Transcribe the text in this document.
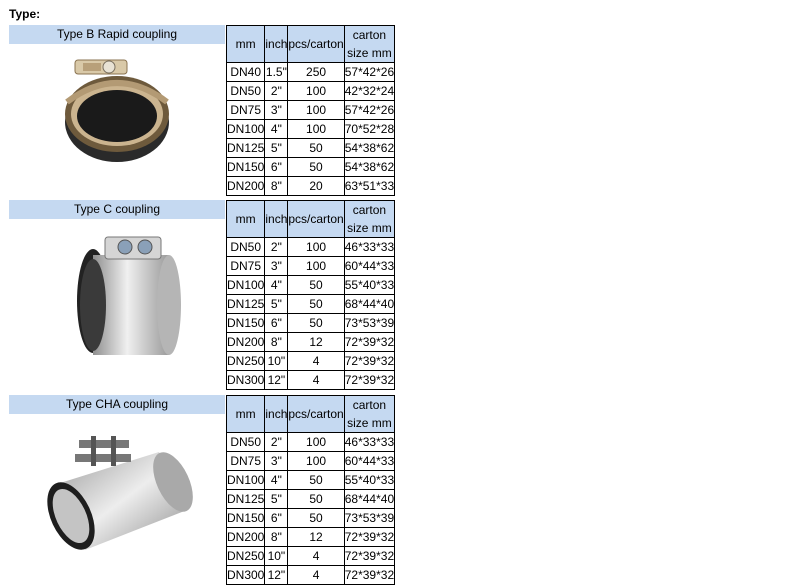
Type:
Type B Rapid coupling
mm	inch	pcs/carton	carton size mm
DN40	1.5"	250	57*42*26
DN50	2"	100	42*32*24
DN75	3"	100	57*42*26
DN100	4"	100	70*52*28
DN125	5"	50	54*38*62
DN150	6"	50	54*38*62
DN200	8"	20	63*51*33
Type C coupling
mm	inch	pcs/carton	carton size mm
DN50	2"	100	46*33*33
DN75	3"	100	60*44*33
DN100	4"	50	55*40*33
DN125	5"	50	68*44*40
DN150	6"	50	73*53*39
DN200	8"	12	72*39*32
DN250	10"	4	72*39*32
DN300	12"	4	72*39*32
Type CHA coupling
mm	inch	pcs/carton	carton size mm
DN50	2"	100	46*33*33
DN75	3"	100	60*44*33
DN100	4"	50	55*40*33
DN125	5"	50	68*44*40
DN150	6"	50	73*53*39
DN200	8"	12	72*39*32
DN250	10"	4	72*39*32
DN300	12"	4	72*39*32
